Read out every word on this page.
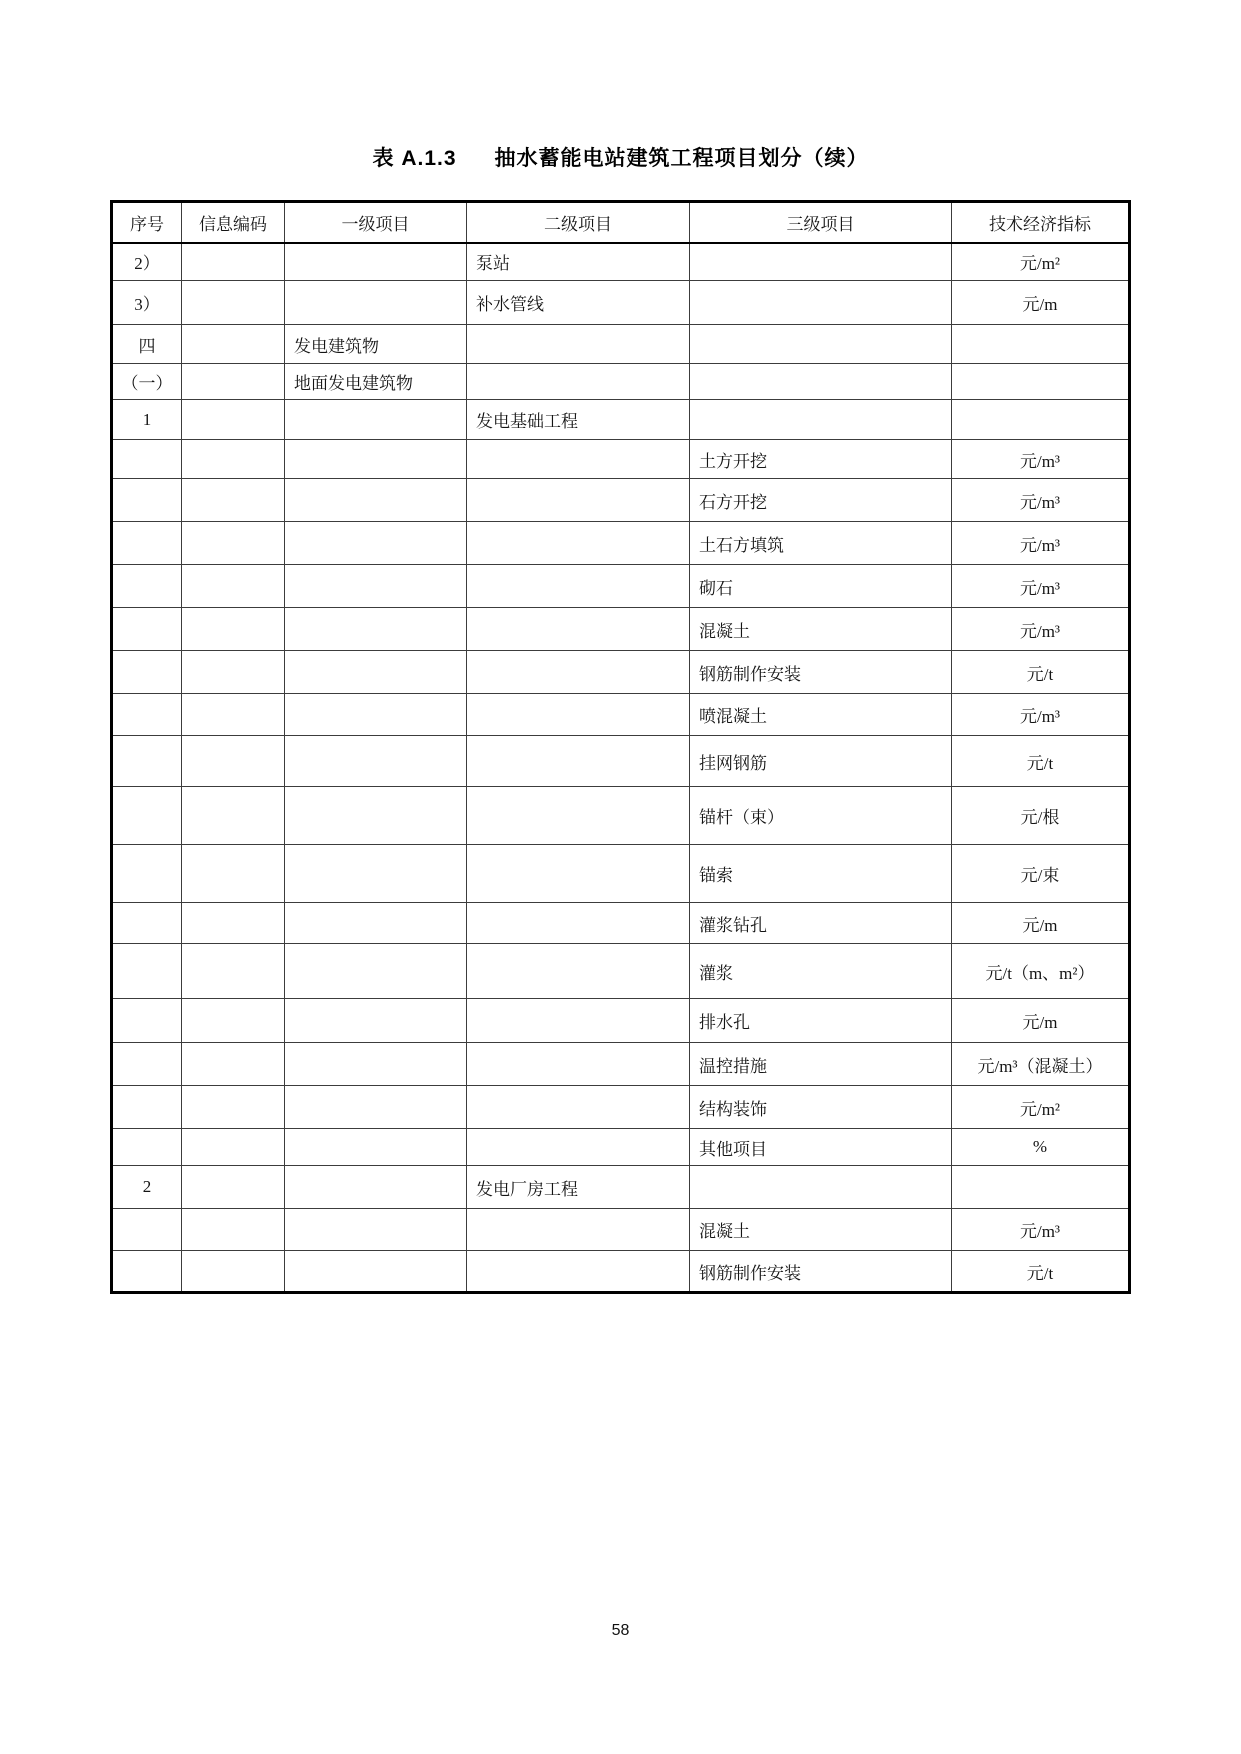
表 A.1.3 抽水蓄能电站建筑工程项目划分（续）
序号	信息编码	一级项目	二级项目	三级项目	技术经济指标
2）			泵站		元/m²
3）			补水管线		元/m
四		发电建筑物			
（一）		地面发电建筑物			
1			发电基础工程		
				土方开挖	元/m³
				石方开挖	元/m³
				土石方填筑	元/m³
				砌石	元/m³
				混凝土	元/m³
				钢筋制作安装	元/t
				喷混凝土	元/m³
				挂网钢筋	元/t
				锚杆（束）	元/根
				锚索	元/束
				灌浆钻孔	元/m
				灌浆	元/t（m、m²）
				排水孔	元/m
				温控措施	元/m³（混凝土）
				结构装饰	元/m²
				其他项目	%
2			发电厂房工程		
				混凝土	元/m³
				钢筋制作安装	元/t
58
